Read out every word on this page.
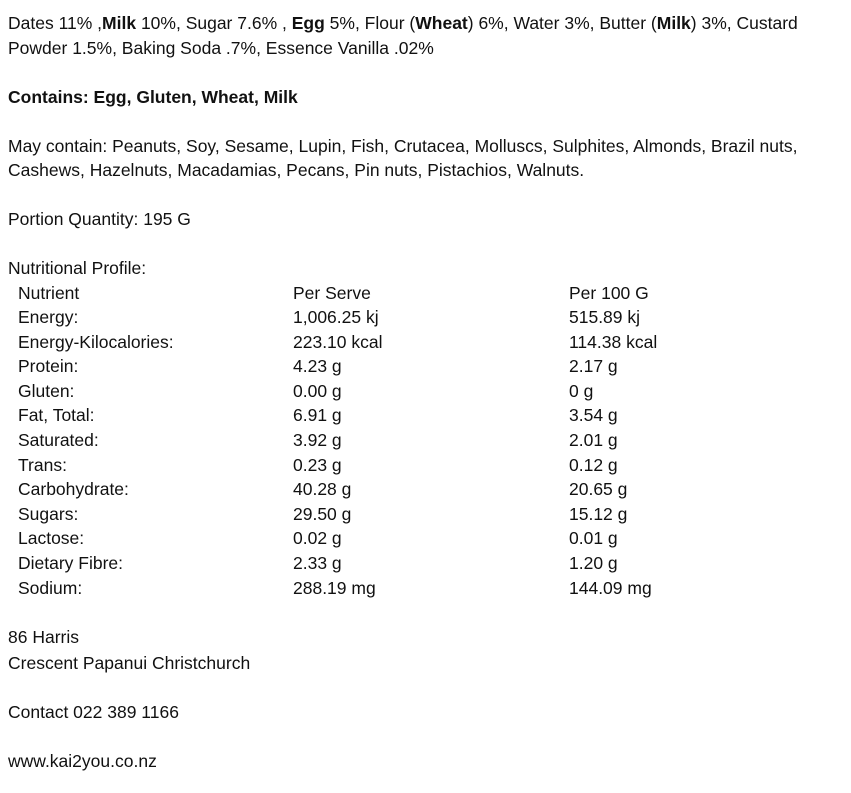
Dates 11% ,Milk 10%, Sugar 7.6% , Egg 5%, Flour (Wheat) 6%, Water 3%, Butter (Milk) 3%, Custard

Powder 1.5%, Baking Soda .7%, Essence Vanilla .02%

Contains: Egg, Gluten, Wheat, Milk

May contain: Peanuts, Soy, Sesame, Lupin, Fish, Crutacea, Molluscs, Sulphites, Almonds, Brazil nuts,

Cashews, Hazelnuts, Macadamias, Pecans, Pin nuts, Pistachios, Walnuts.

Portion Quantity: 195 G

Nutritional Profile:

Nutrient	Per Serve	Per 100 G
Energy:	1,006.25 kj	515.89 kj
Energy-Kilocalories:	223.10 kcal	114.38 kcal
Protein:	4.23 g	2.17 g
Gluten:	0.00 g	0 g
Fat, Total:	6.91 g	3.54 g
Saturated:	3.92 g	2.01 g
Trans:	0.23 g	0.12 g
Carbohydrate:	40.28 g	20.65 g
Sugars:	29.50 g	15.12 g
Lactose:	0.02 g	0.01 g
Dietary Fibre:	2.33 g	1.20 g
Sodium:	288.19 mg	144.09 mg

86 Harris

Crescent Papanui Christchurch

Contact 022 389 1166

www.kai2you.co.nz
